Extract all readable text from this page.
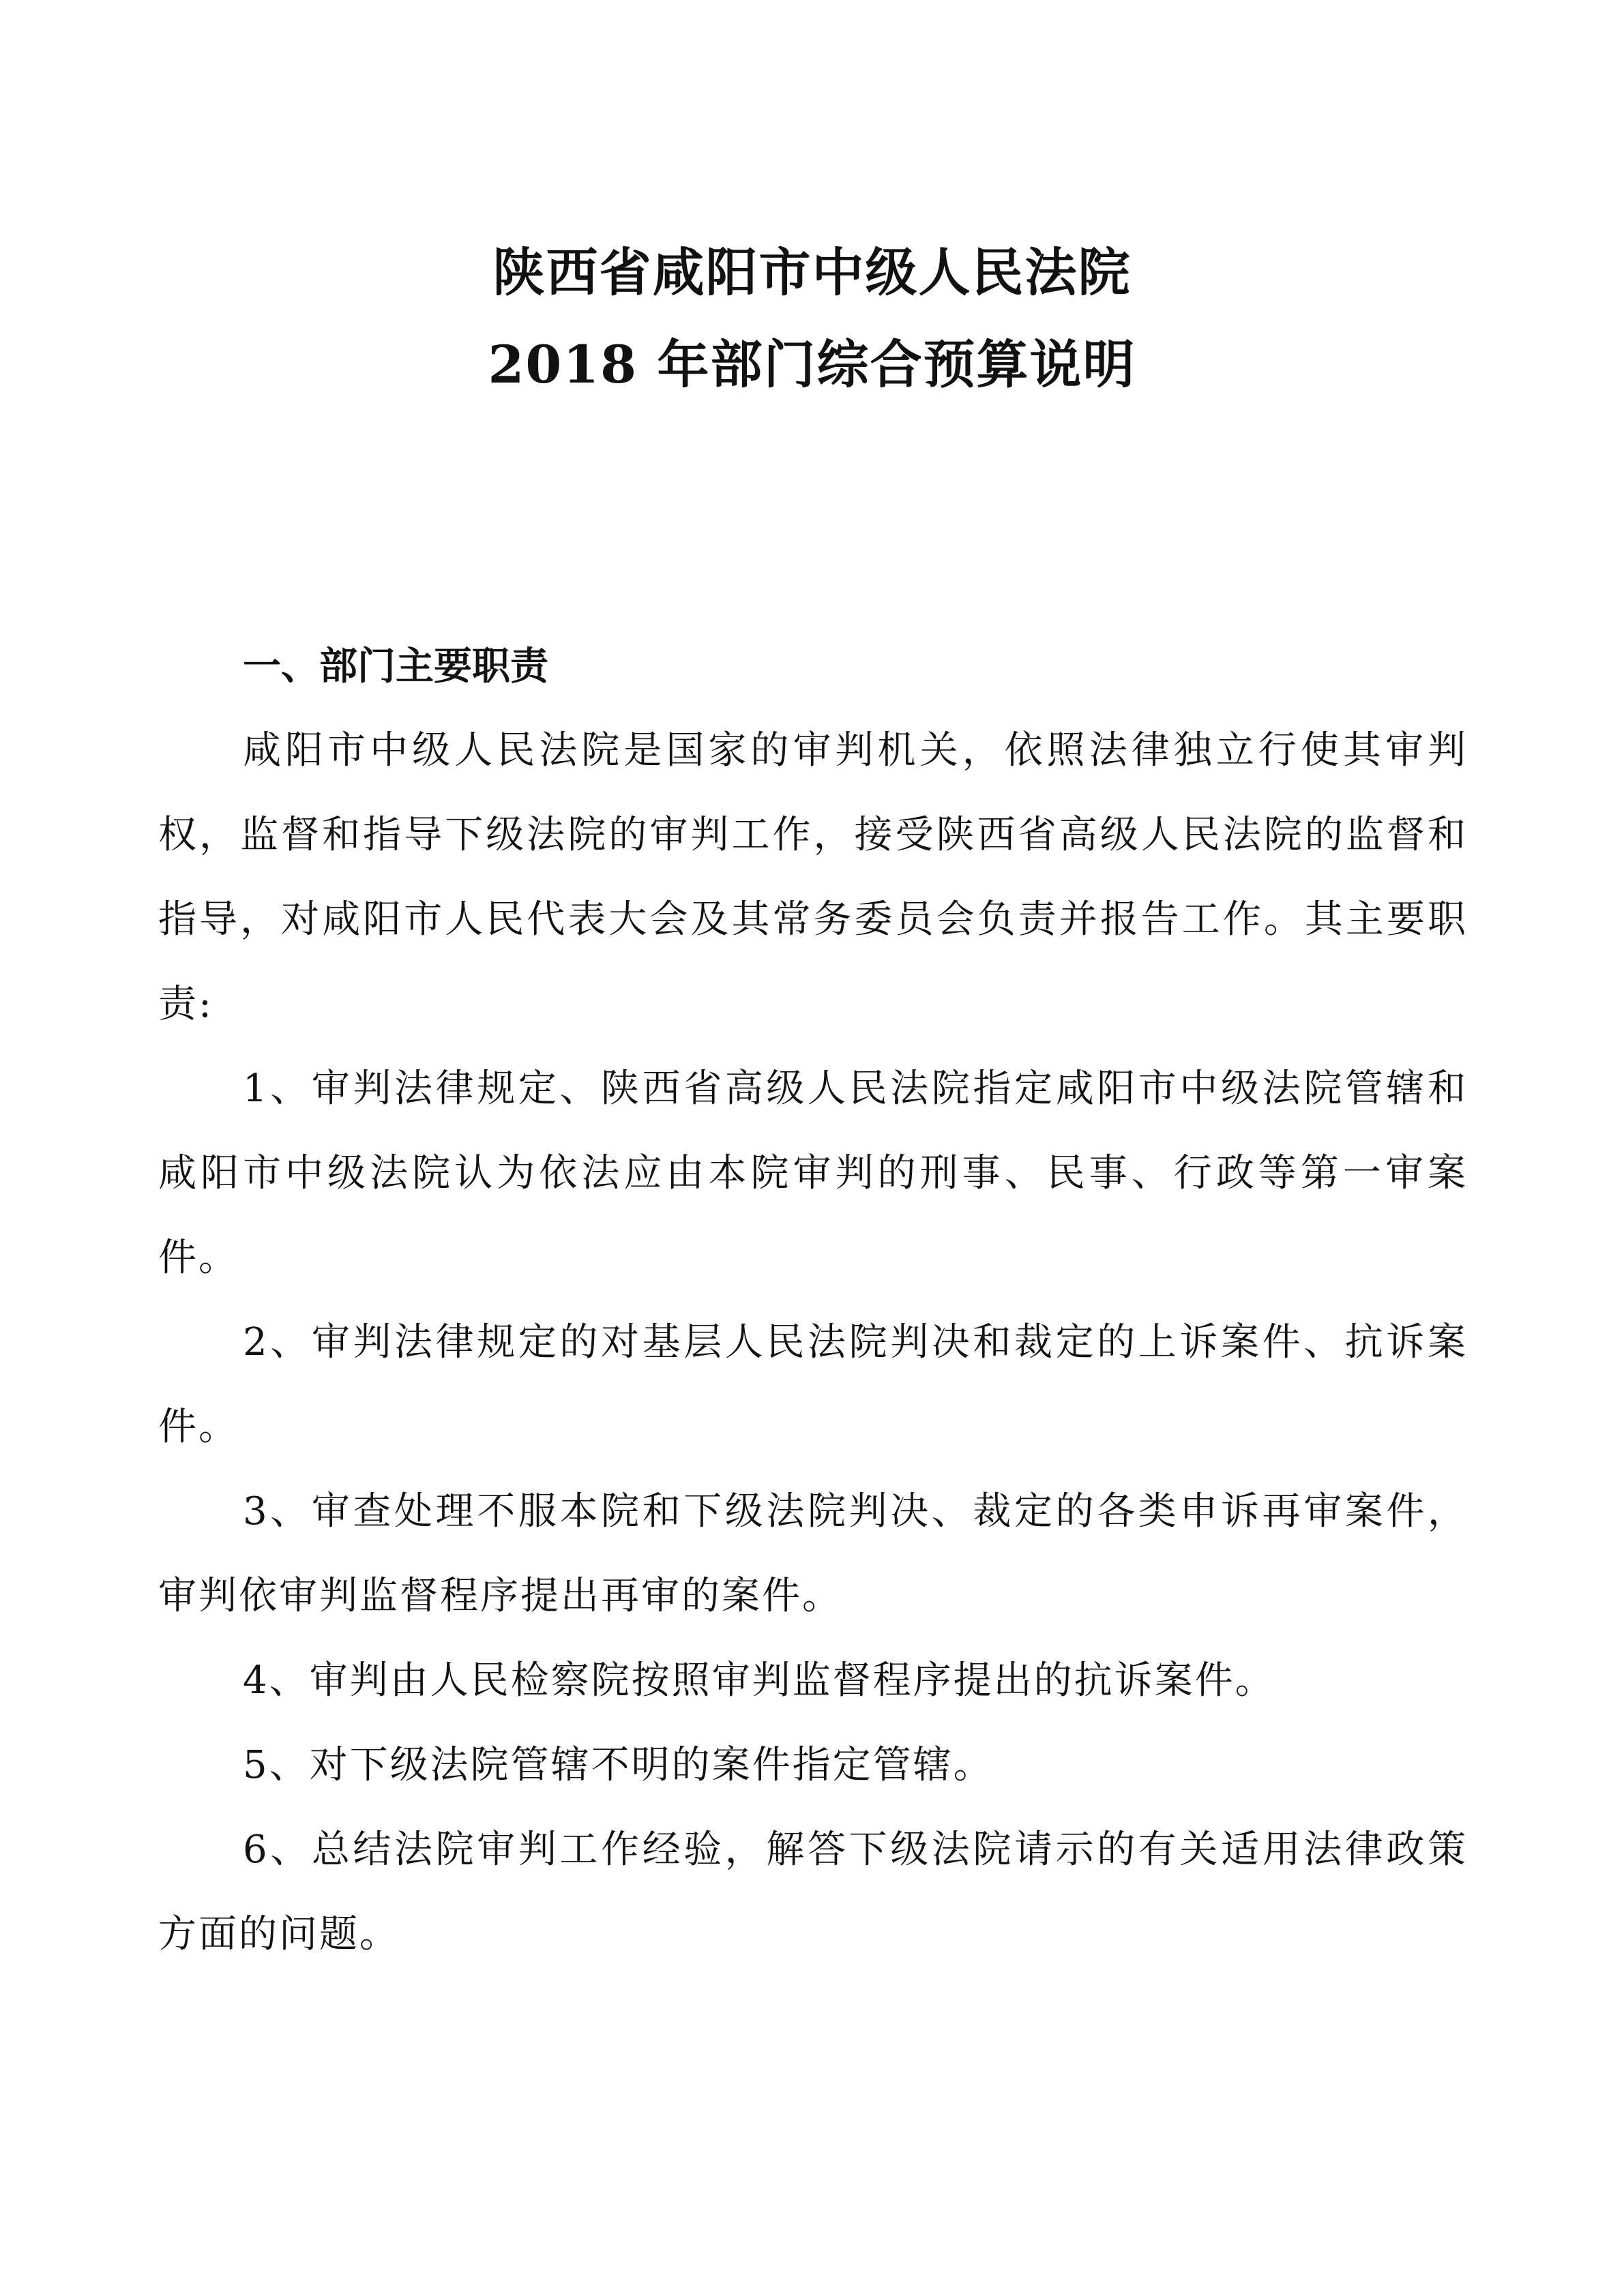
陕西省咸阳市中级人民法院
2018 年部门综合预算说明

一、部门主要职责

咸阳市中级人民法院是国家的审判机关，依照法律独立行使其审判权，监督和指导下级法院的审判工作，接受陕西省高级人民法院的监督和指导，对咸阳市人民代表大会及其常务委员会负责并报告工作。其主要职责:

1、审判法律规定、陕西省高级人民法院指定咸阳市中级法院管辖和咸阳市中级法院认为依法应由本院审判的刑事、民事、行政等第一审案件。

2、审判法律规定的对基层人民法院判决和裁定的上诉案件、抗诉案件。

3、审查处理不服本院和下级法院判决、裁定的各类申诉再审案件，审判依审判监督程序提出再审的案件。

4、审判由人民检察院按照审判监督程序提出的抗诉案件。

5、对下级法院管辖不明的案件指定管辖。

6、总结法院审判工作经验，解答下级法院请示的有关适用法律政策方面的问题。
